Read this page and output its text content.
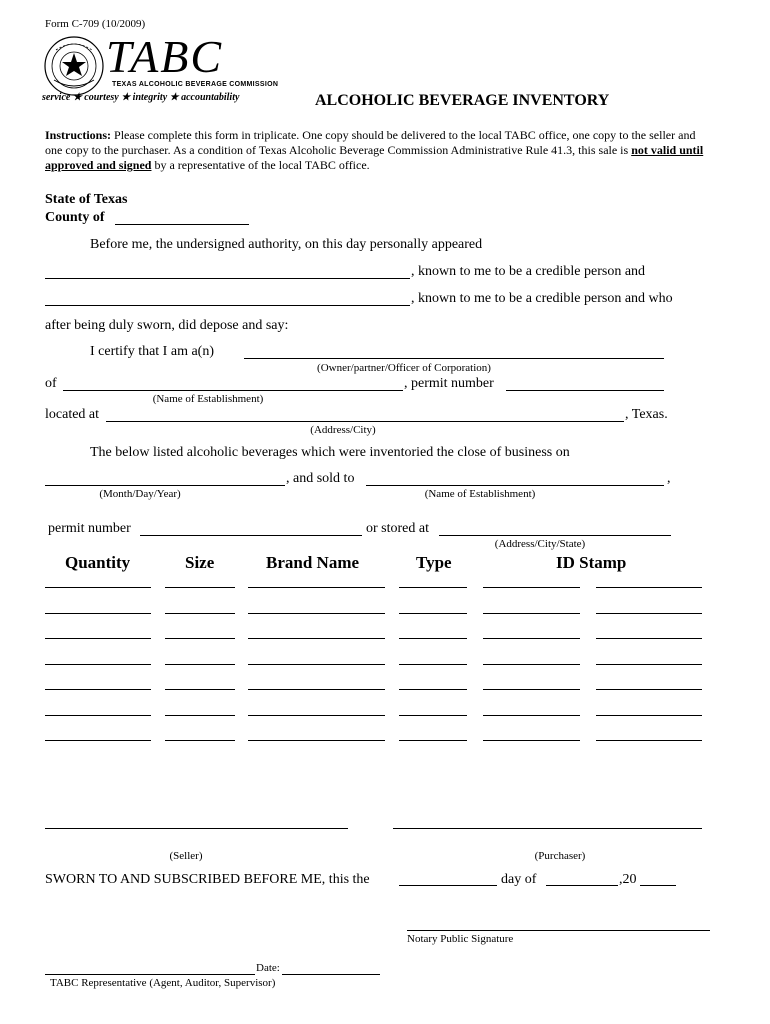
Form C-709 (10/2009)
TABC
TEXAS ALCOHOLIC BEVERAGE COMMISSION
service ★ courtesy ★ integrity ★ accountability	ALCOHOLIC BEVERAGE INVENTORY
Instructions: Please complete this form in triplicate. One copy should be delivered to the local TABC office, one copy to the seller and one copy to the purchaser. As a condition of Texas Alcoholic Beverage Commission Administrative Rule 41.3, this sale is not valid until approved and signed by a representative of the local TABC office.
State of Texas
County of
Before me, the undersigned authority, on this day personally appeared
, known to me to be a credible person and
, known to me to be a credible person and who
after being duly sworn, did depose and say:
I certify that I am a(n)
(Owner/partner/Officer of Corporation)
of	, permit number
(Name of Establishment)
located at	, Texas.
(Address/City)
The below listed alcoholic beverages which were inventoried the close of business on
, and sold to	,
(Month/Day/Year)	(Name of Establishment)
permit number	or stored at
(Address/City/State)
Quantity	Size	Brand Name	Type	ID Stamp
(Seller)	(Purchaser)
SWORN TO AND SUBSCRIBED BEFORE ME, this the	day of	,20
Notary Public Signature
Date:
TABC Representative (Agent, Auditor, Supervisor)
